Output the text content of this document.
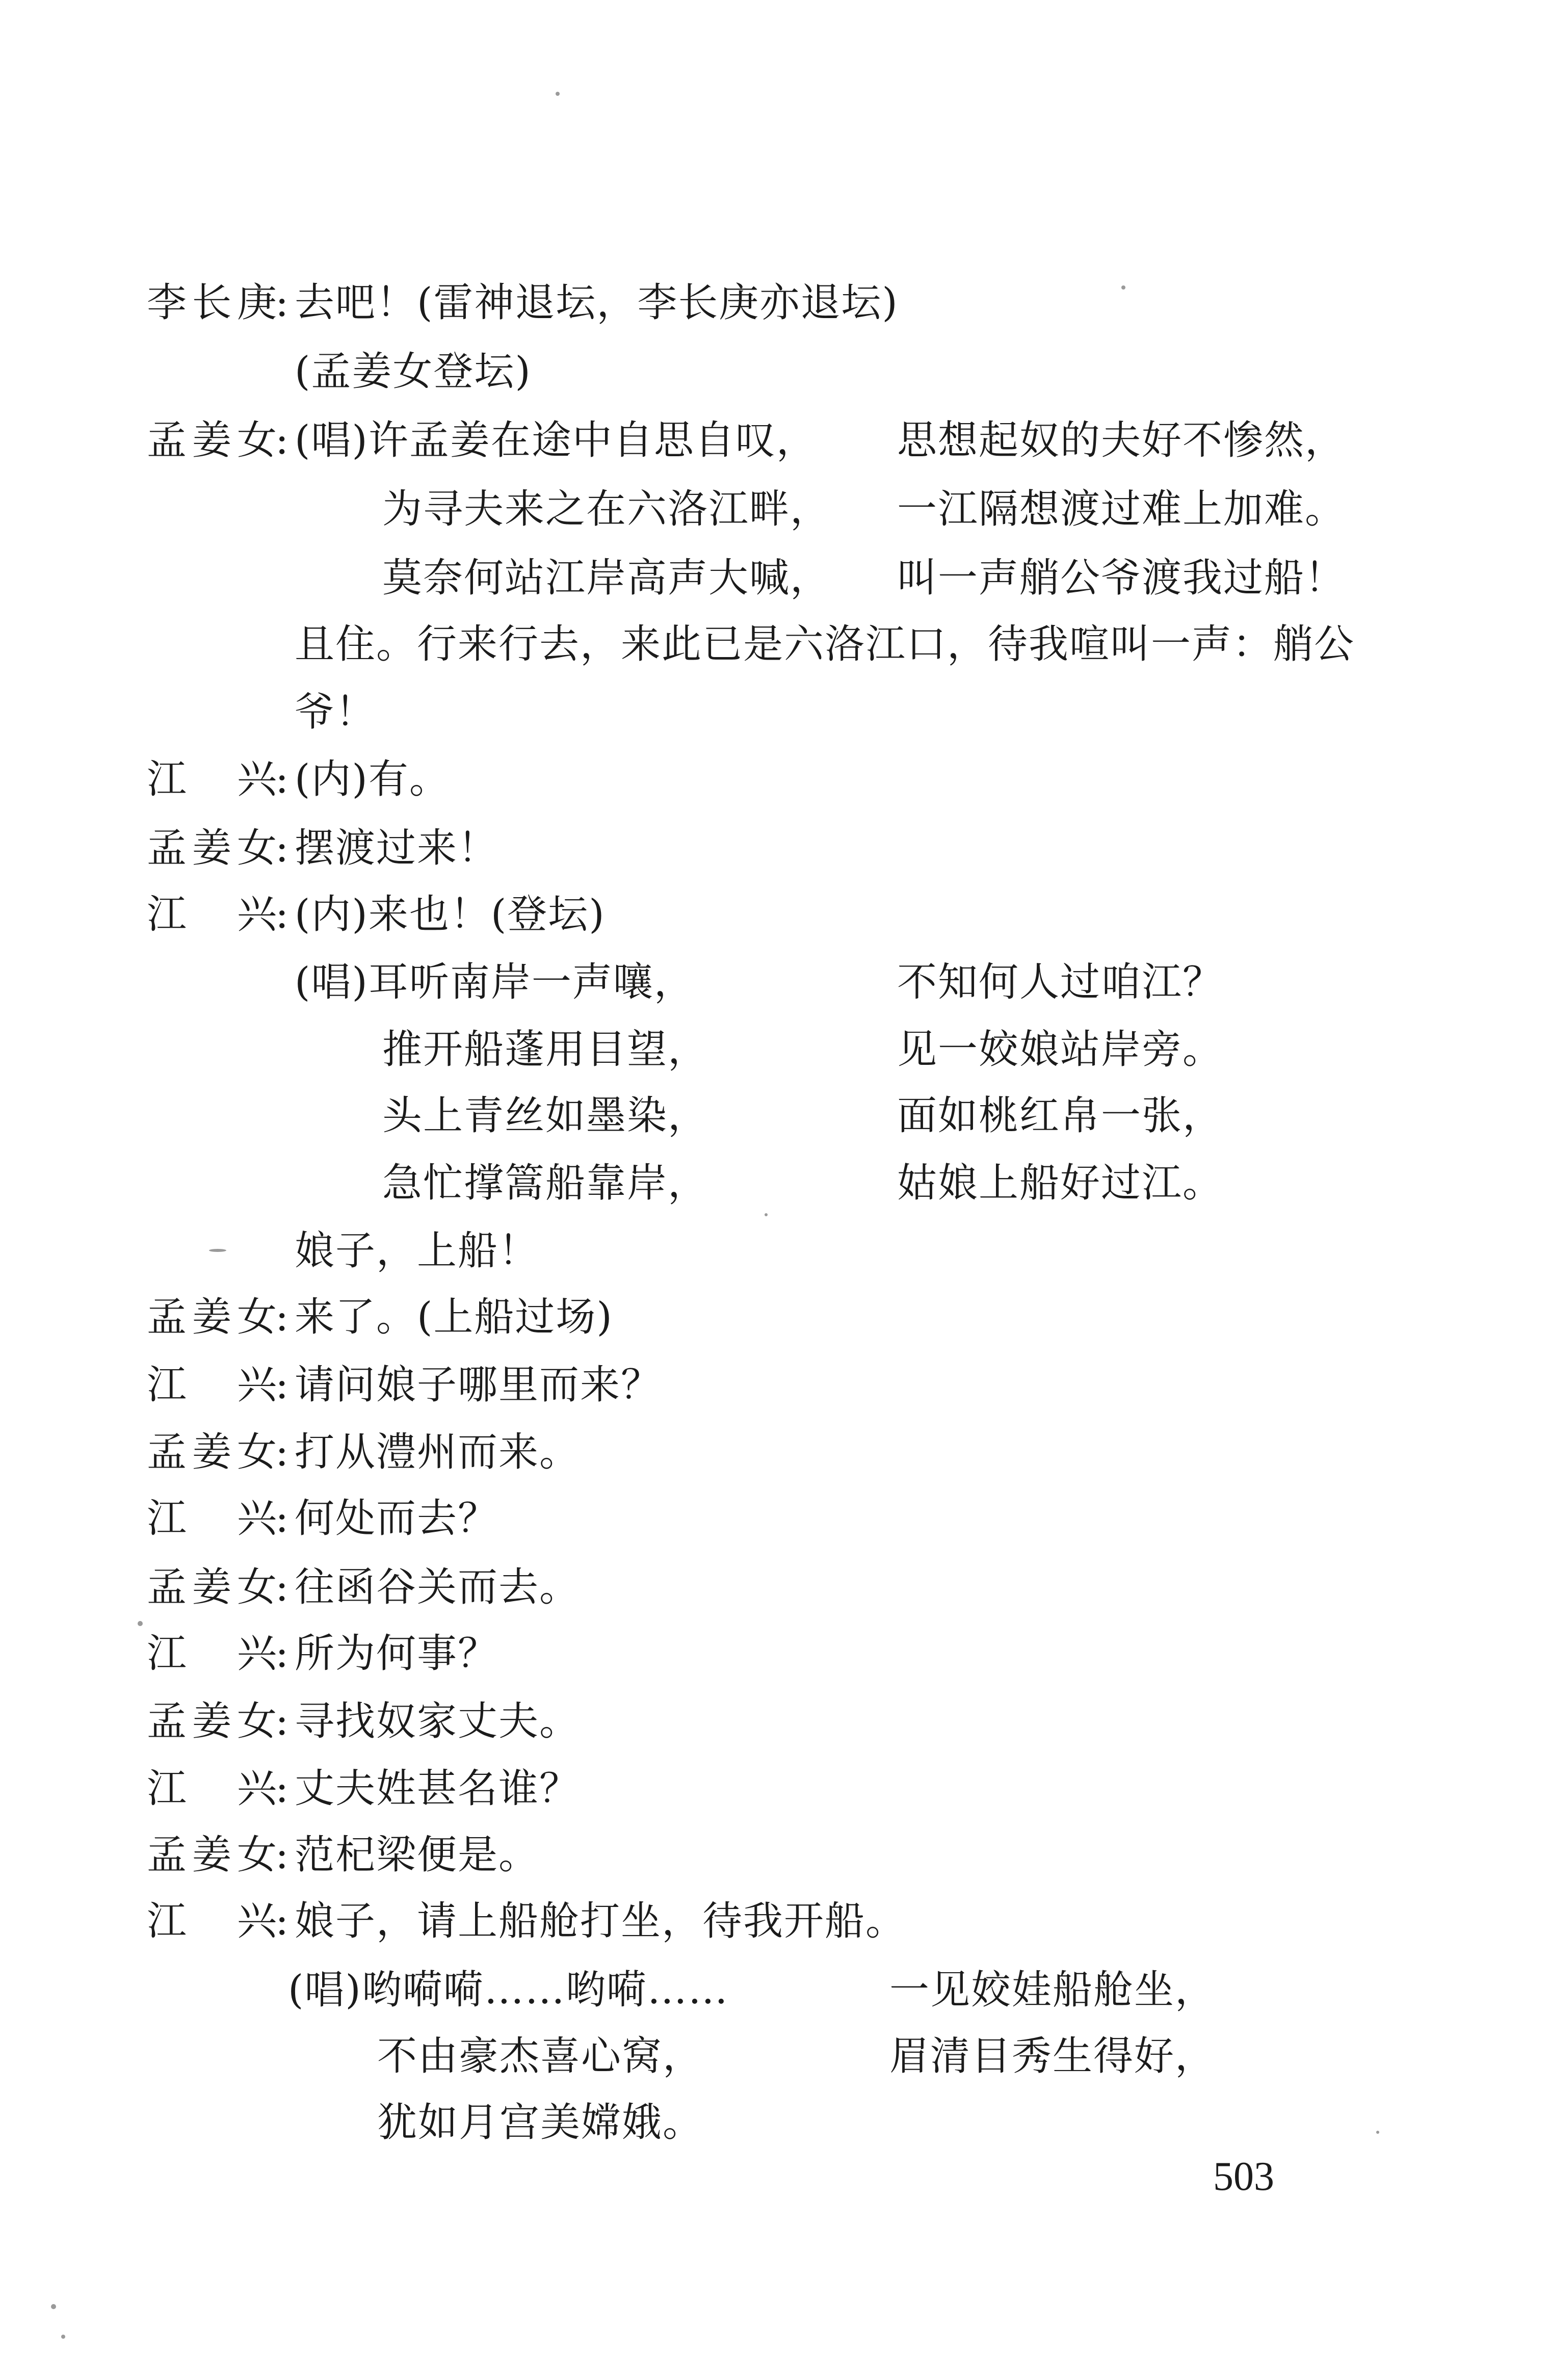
李 长 庚
: 去吧！(雷神退坛，李长庚亦退坛)
(孟姜女登坛)
孟 姜 女
: (唱)许孟姜在途中自思自叹， 思想起奴的夫好不惨然，
为寻夫来之在六洛江畔， 一江隔想渡过难上加难。
莫奈何站江岸高声大喊， 叫一声艄公爷渡我过船！
且住。行来行去，来此已是六洛江口，待我喧叫一声：艄公
爷！
江 兴
: (内)有。
孟 姜 女
: 摆渡过来！
江 兴
: (内)来也！(登坛)
(唱)耳听南岸一声嚷，	不知何人过咱江？
推开船蓬用目望，	见一姣娘站岸旁。
头上青丝如墨染，	面如桃红帛一张，
急忙撑篙船靠岸，	姑娘上船好过江。
娘子，上船！
孟 姜 女
: 来了。(上船过场)
江 兴
: 请问娘子哪里而来？
孟 姜 女
: 打从澧州而来。
江 兴
: 何处而去？
孟 姜 女
: 往函谷关而去。
江 兴
: 所为何事？
孟 姜 女
: 寻找奴家丈夫。
江 兴
: 丈夫姓甚名谁？
孟 姜 女
: 范杞梁便是。
江 兴
: 娘子，请上船舱打坐，待我开船。
(唱)哟嗬嗬……哟嗬……	一见姣娃船舱坐，
不由豪杰喜心窝，	眉清目秀生得好，
犹如月宫美嫦娥。
503
